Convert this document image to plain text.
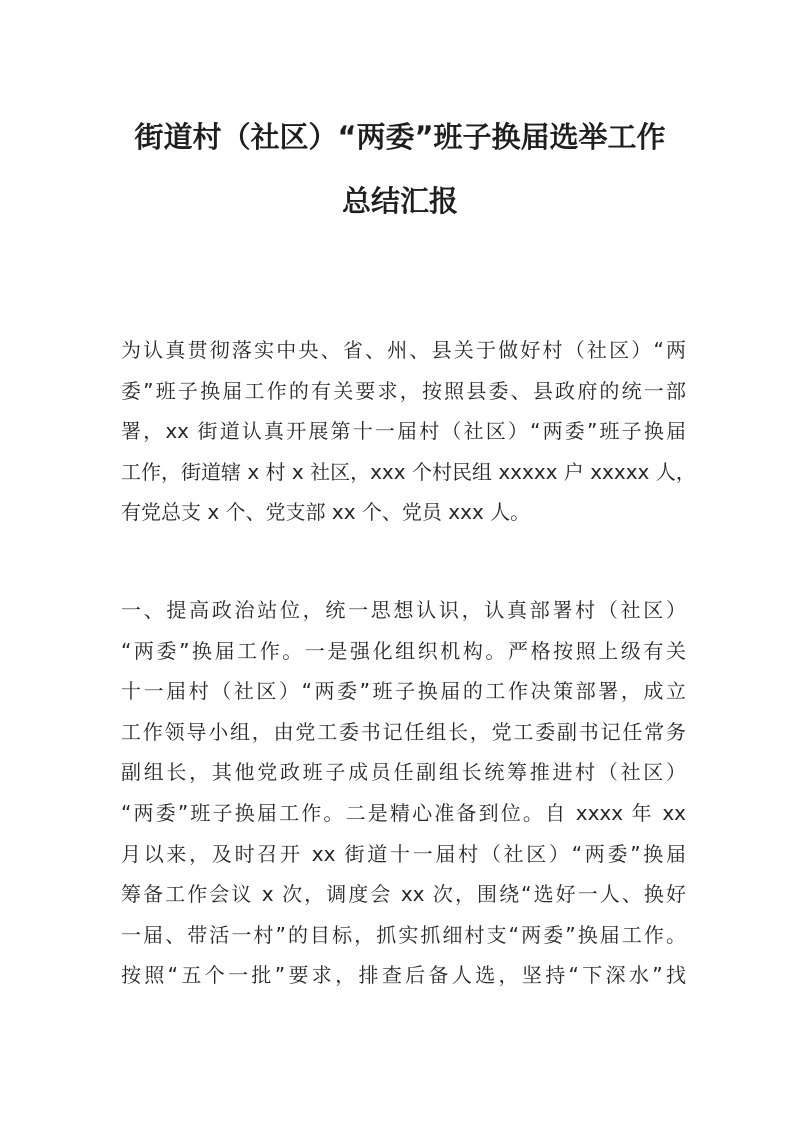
街道村（社区）“两委”班子换届选举工作
总结汇报
为认真贯彻落实中央、省、州、县关于做好村（社区）“两
委”班子换届工作的有关要求，按照县委、县政府的统一部
署，xx 街道认真开展第十一届村（社区）“两委”班子换届
工作，街道辖 x 村 x 社区，xxx 个村民组 xxxxx 户 xxxxx 人，
有党总支 x 个、党支部 xx 个、党员 xxx 人。
一、提高政治站位，统一思想认识，认真部署村（社区）
“两委”换届工作。一是强化组织机构。严格按照上级有关
十一届村（社区）“两委”班子换届的工作决策部署，成立
工作领导小组，由党工委书记任组长，党工委副书记任常务
副组长，其他党政班子成员任副组长统筹推进村（社区）
“两委”班子换届工作。二是精心准备到位。自 xxxx 年 xx
月以来，及时召开 xx 街道十一届村（社区）“两委”换届
筹备工作会议 x 次，调度会 xx 次，围绕“选好一人、换好
一届、带活一村”的目标，抓实抓细村支“两委”换届工作。
按照“五个一批”要求，排查后备人选，坚持“下深水”找
